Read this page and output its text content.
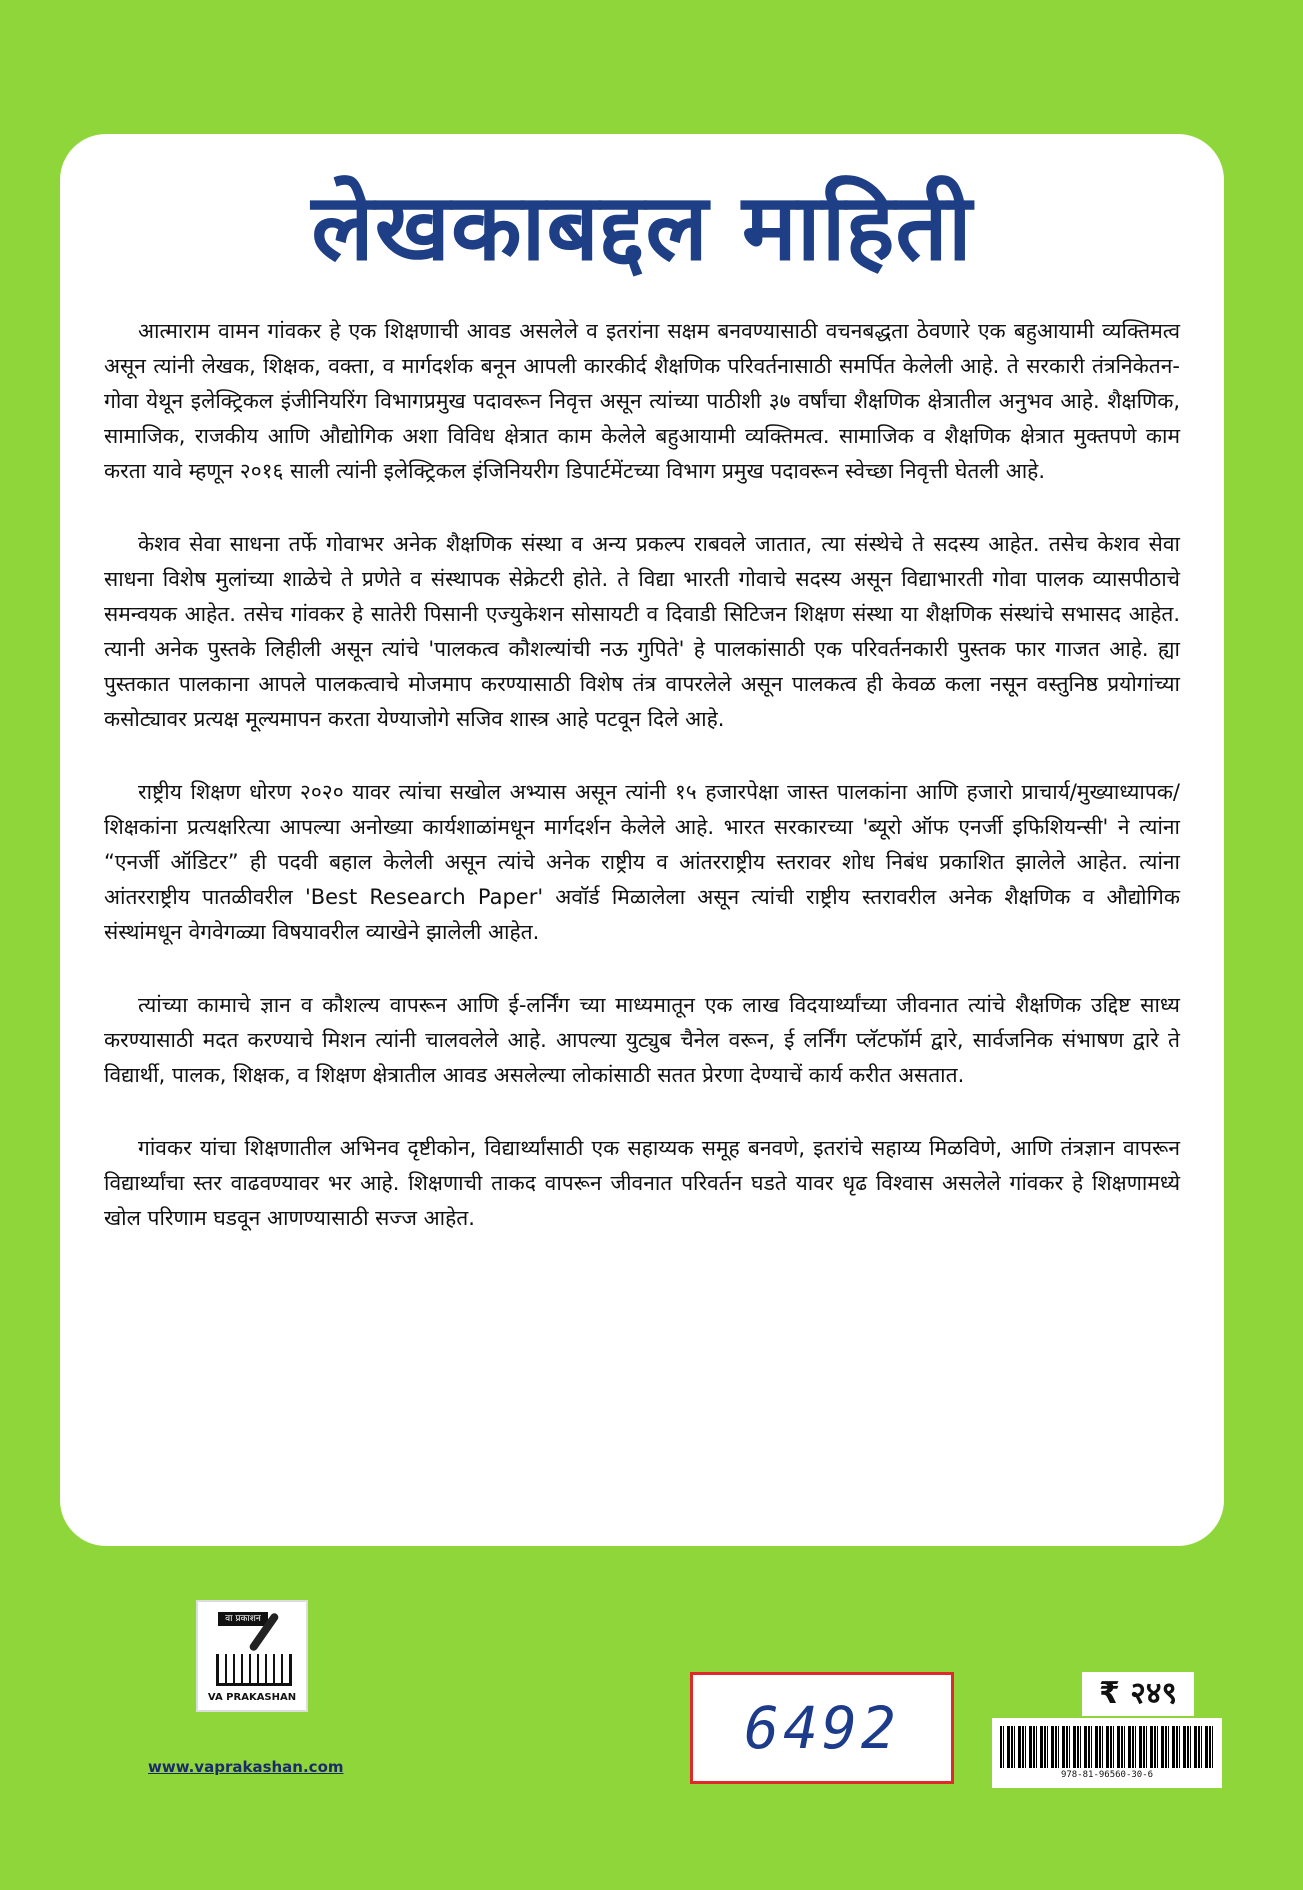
लेखकाबद्दल माहिती

आत्माराम वामन गांवकर हे एक शिक्षणाची आवड असलेले व इतरांना सक्षम बनवण्यासाठी वचनबद्धता ठेवणारे एक बहुआयामी व्यक्तिमत्व असून त्यांनी लेखक, शिक्षक, वक्ता, व मार्गदर्शक बनून आपली कारकीर्द शैक्षणिक परिवर्तनासाठी समर्पित केलेली आहे. ते सरकारी तंत्रनिकेतन-गोवा येथून इलेक्ट्रिकल इंजीनियरिंग विभागप्रमुख पदावरून निवृत्त असून त्यांच्या पाठीशी ३७ वर्षांचा शैक्षणिक क्षेत्रातील अनुभव आहे. शैक्षणिक, सामाजिक, राजकीय आणि औद्योगिक अशा विविध क्षेत्रात काम केलेले बहुआयामी व्यक्तिमत्व. सामाजिक व शैक्षणिक क्षेत्रात मुक्तपणे काम करता यावे म्हणून २०१६ साली त्यांनी इलेक्ट्रिकल इंजिनियरीग डिपार्टमेंटच्या विभाग प्रमुख पदावरून स्वेच्छा निवृत्ती घेतली आहे.

केशव सेवा साधना तर्फे गोवाभर अनेक शैक्षणिक संस्था व अन्य प्रकल्प राबवले जातात, त्या संस्थेचे ते सदस्य आहेत. तसेच केशव सेवा साधना विशेष मुलांच्या शाळेचे ते प्रणेते व संस्थापक सेक्रेटरी होते. ते विद्या भारती गोवाचे सदस्य असून विद्याभारती गोवा पालक व्यासपीठाचे समन्वयक आहेत. तसेच गांवकर हे सातेरी पिसानी एज्युकेशन सोसायटी व दिवाडी सिटिजन शिक्षण संस्था या शैक्षणिक संस्थांचे सभासद आहेत. त्यानी अनेक पुस्तके लिहीली असून त्यांचे 'पालकत्व कौशल्यांची नऊ गुपिते' हे पालकांसाठी एक परिवर्तनकारी पुस्तक फार गाजत आहे. ह्या पुस्तकात पालकाना आपले पालकत्वाचे मोजमाप करण्यासाठी विशेष तंत्र वापरलेले असून पालकत्व ही केवळ कला नसून वस्तुनिष्ठ प्रयोगांच्या कसोट्यावर प्रत्यक्ष मूल्यमापन करता येण्याजोगे सजिव शास्त्र आहे पटवून दिले आहे.

राष्ट्रीय शिक्षण धोरण २०२० यावर त्यांचा सखोल अभ्यास असून त्यांनी १५ हजारपेक्षा जास्त पालकांना आणि हजारो प्राचार्य/मुख्याध्यापक/शिक्षकांना प्रत्यक्षरित्या आपल्या अनोख्या कार्यशाळांमधून मार्गदर्शन केलेले आहे. भारत सरकारच्या 'ब्यूरो ऑफ एनर्जी इफिशियन्सी' ने त्यांना “एनर्जी ऑडिटर” ही पदवी बहाल केलेली असून त्यांचे अनेक राष्ट्रीय व आंतरराष्ट्रीय स्तरावर शोध निबंध प्रकाशित झालेले आहेत. त्यांना आंतरराष्ट्रीय पातळीवरील 'Best Research Paper' अवॉर्ड मिळालेला असून त्यांची राष्ट्रीय स्तरावरील अनेक शैक्षणिक व औद्योगिक संस्थांमधून वेगवेगळ्या विषयावरील व्याखेने झालेली आहेत.

त्यांच्या कामाचे ज्ञान व कौशल्य वापरून आणि ई-लर्निंग च्या माध्यमातून एक लाख विदयार्थ्यांच्या जीवनात त्यांचे शैक्षणिक उद्दिष्ट साध्य करण्यासाठी मदत करण्याचे मिशन त्यांनी चालवलेले आहे. आपल्या युट्युब चैनेल वरून, ई लर्निंग प्लॅटफॉर्म द्वारे, सार्वजनिक संभाषण द्वारे ते विद्यार्थी, पालक, शिक्षक, व शिक्षण क्षेत्रातील आवड असलेल्या लोकांसाठी सतत प्रेरणा देण्याचें कार्य करीत असतात.

गांवकर यांचा शिक्षणातील अभिनव दृष्टीकोन, विद्यार्थ्यांसाठी एक सहाय्यक समूह बनवणे, इतरांचे सहाय्य मिळविणे, आणि तंत्रज्ञान वापरून विद्यार्थ्यांचा स्तर वाढवण्यावर भर आहे. शिक्षणाची ताकद वापरून जीवनात परिवर्तन घडते यावर धृढ विश्वास असलेले गांवकर हे शिक्षणामध्ये खोल परिणाम घडवून आणण्यासाठी सज्ज आहेत.

वा प्रकाशन
VA PRAKASHAN
www.vaprakashan.com
6492
₹ २४९
978-81-96560-30-6
